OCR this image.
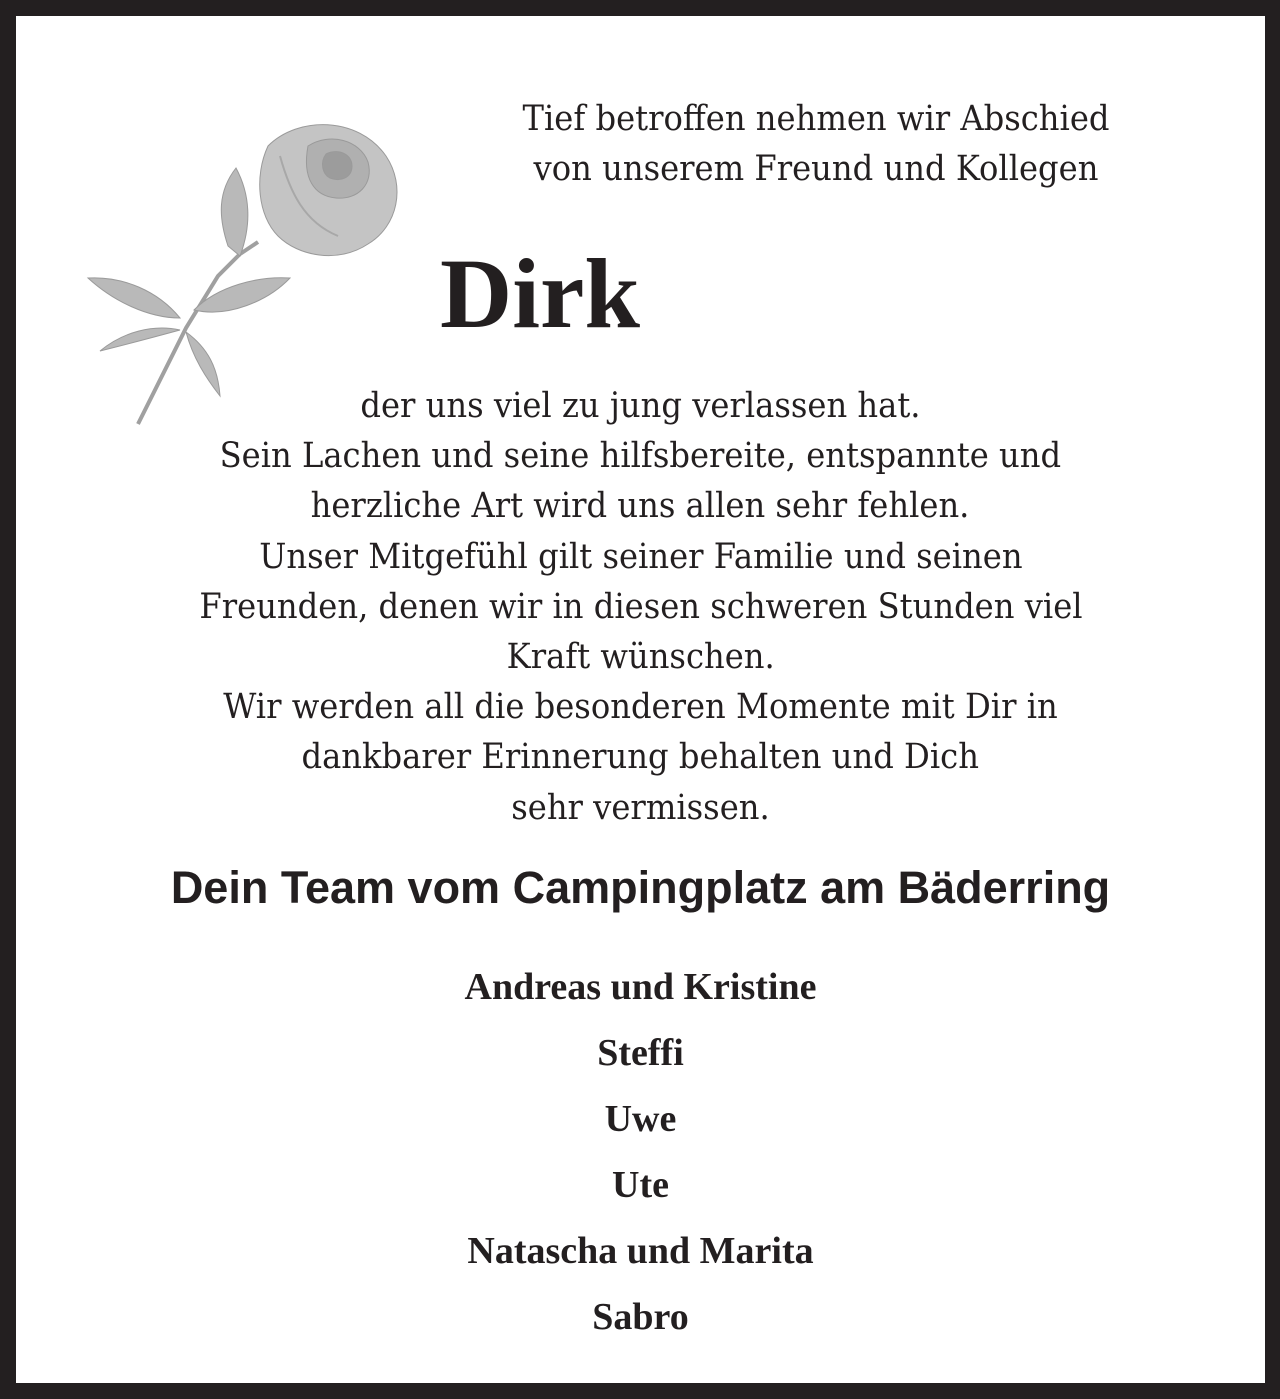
Tief betroffen nehmen wir Abschied
von unserem Freund und Kollegen
Dirk
der uns viel zu jung verlassen hat.
Sein Lachen und seine hilfsbereite, entspannte und
herzliche Art wird uns allen sehr fehlen.
Unser Mitgefühl gilt seiner Familie und seinen
Freunden, denen wir in diesen schweren Stunden viel
Kraft wünschen.
Wir werden all die besonderen Momente mit Dir in
dankbarer Erinnerung behalten und Dich
sehr vermissen.
Dein Team vom Campingplatz am Bäderring
Andreas und Kristine
Steffi
Uwe
Ute
Natascha und Marita
Sabro
